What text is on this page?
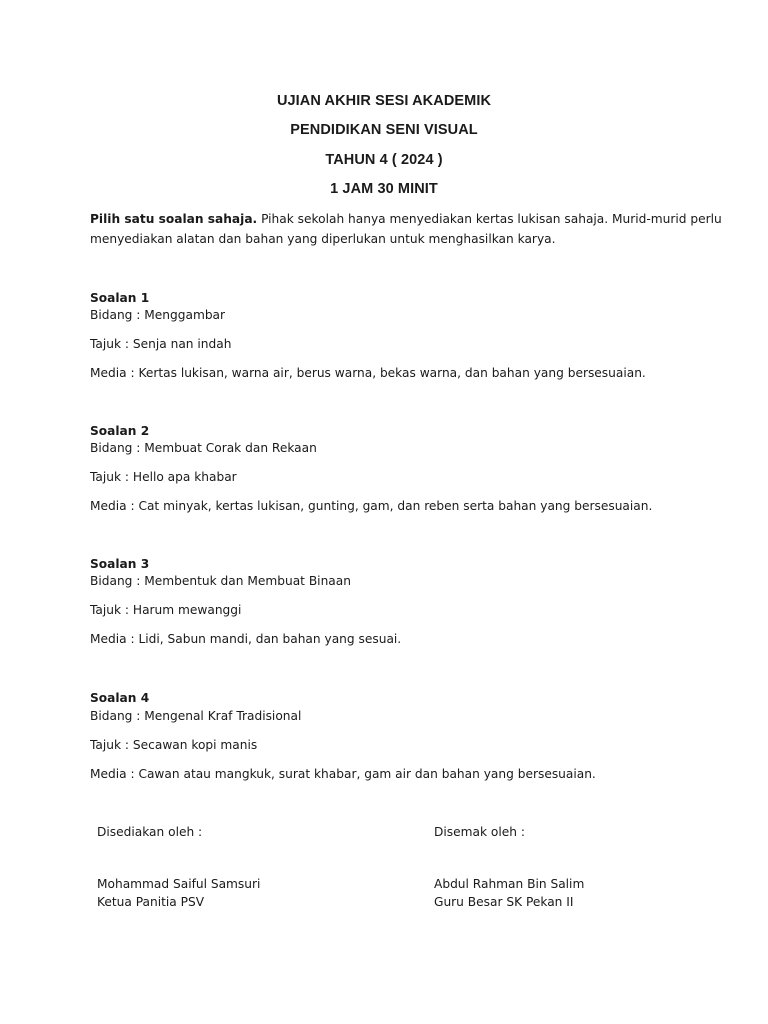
UJIAN AKHIR SESI AKADEMIK
PENDIDIKAN SENI VISUAL
TAHUN 4 ( 2024 )
1 JAM 30 MINIT
Pilih satu soalan sahaja. Pihak sekolah hanya menyediakan kertas lukisan sahaja. Murid-murid perlu
menyediakan alatan dan bahan yang diperlukan untuk menghasilkan karya.
Soalan 1
Bidang : Menggambar
Tajuk : Senja nan indah
Media : Kertas lukisan, warna air, berus warna, bekas warna, dan bahan yang bersesuaian.
Soalan 2
Bidang : Membuat Corak dan Rekaan
Tajuk : Hello apa khabar
Media : Cat minyak, kertas lukisan, gunting, gam, dan reben serta bahan yang bersesuaian.
Soalan 3
Bidang : Membentuk dan Membuat Binaan
Tajuk : Harum mewanggi
Media : Lidi, Sabun mandi, dan bahan yang sesuai.
Soalan 4
Bidang : Mengenal Kraf Tradisional
Tajuk : Secawan kopi manis
Media : Cawan atau mangkuk, surat khabar, gam air dan bahan yang bersesuaian.
Disediakan oleh :
Mohammad Saiful Samsuri
Ketua Panitia PSV
Disemak oleh :
Abdul Rahman Bin Salim
Guru Besar SK Pekan II
